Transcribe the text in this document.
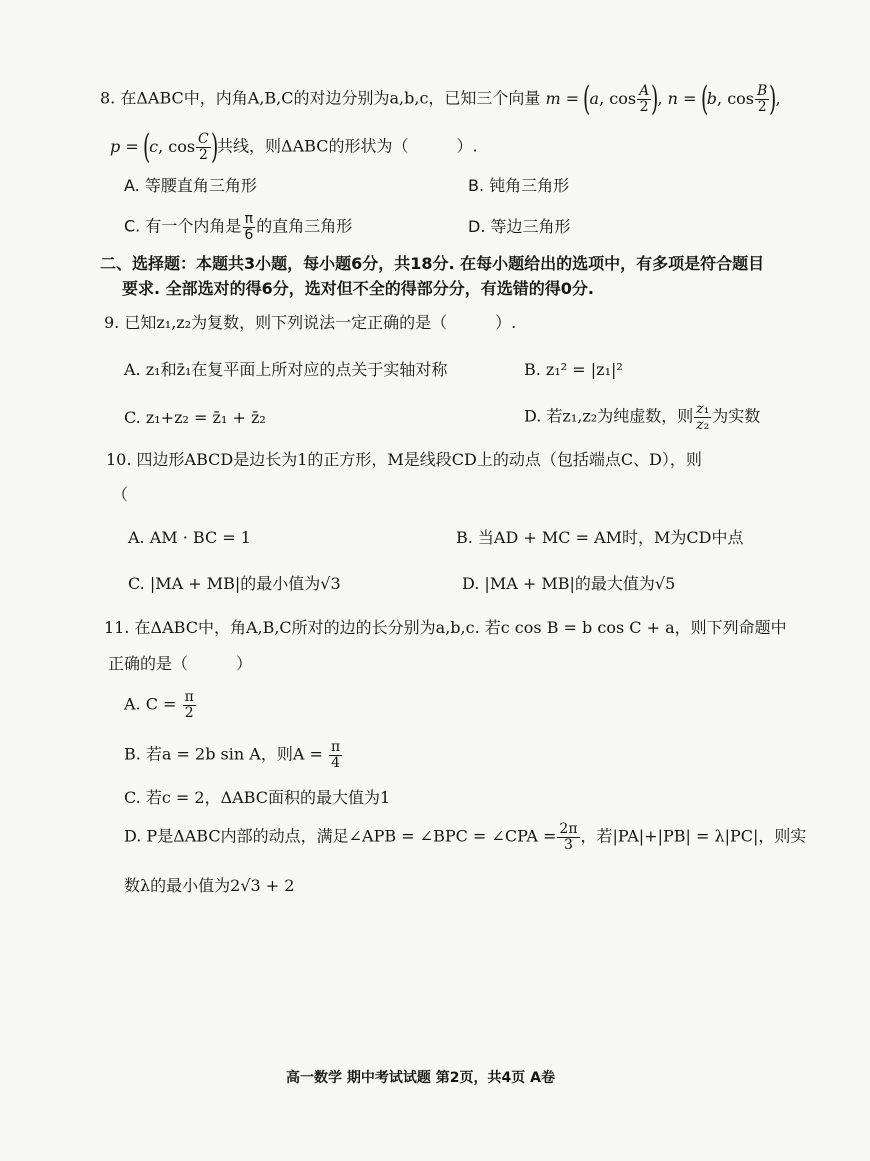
8. 在ΔABC中，内角A,B,C的对边分别为a,b,c，已知三个向量 m = (a, $\cos \frac{A}{2}$ ), n = (b, $\cos \frac{B}{2}$ ),
p = (c, $\cos \frac{C}{2}$ )共线，则ΔABC的形状为（　　　）.
A. 等腰直角三角形	B. 钝角三角形
C. 有一个内角是 $\frac{\pi}{6}$ 的直角三角形	D. 等边三角形
二、选择题：本题共3小题，每小题6分，共18分. 在每小题给出的选项中，有多项是符合题目
要求. 全部选对的得6分，选对但不全的得部分分，有选错的得0分.
9. 已知z₁,z₂为复数，则下列说法一定正确的是（　　　）.
A. z₁和z̄₁在复平面上所对应的点关于实轴对称	B. z₁² = |z₁|²
C. z₁+z₂ = z̄₁ + z̄₂	D. 若z₁,z₂为纯虚数，则 $\frac{\text{z₁}}{\text{z₂}}$ 为实数
10. 四边形ABCD是边长为1的正方形，M是线段CD上的动点（包括端点C、D），则
（
A. AM · BC = 1	B. 当AD + MC = AM时，M为CD中点
C. |MA + MB|的最小值为√3	D. |MA + MB|的最大值为√5
11. 在ΔABC中，角A,B,C所对的边的长分别为a,b,c. 若c cos B = b cos C + a，则下列命题中
正确的是（　　　）
A. $C = \frac{\pi}{2}$
B. 若a = 2b sin A，则$A = \frac{\pi}{4}$
C. 若c = 2，ΔABC面积的最大值为1
D. P是ΔABC内部的动点，满足∠APB = ∠BPC = ∠CPA = $\frac{2\pi}{3}$ ，若|PA|+|PB| = λ|PC|，则实
数λ的最小值为2√3 + 2
高一数学 期中考试试题 第2页，共4页 A卷
